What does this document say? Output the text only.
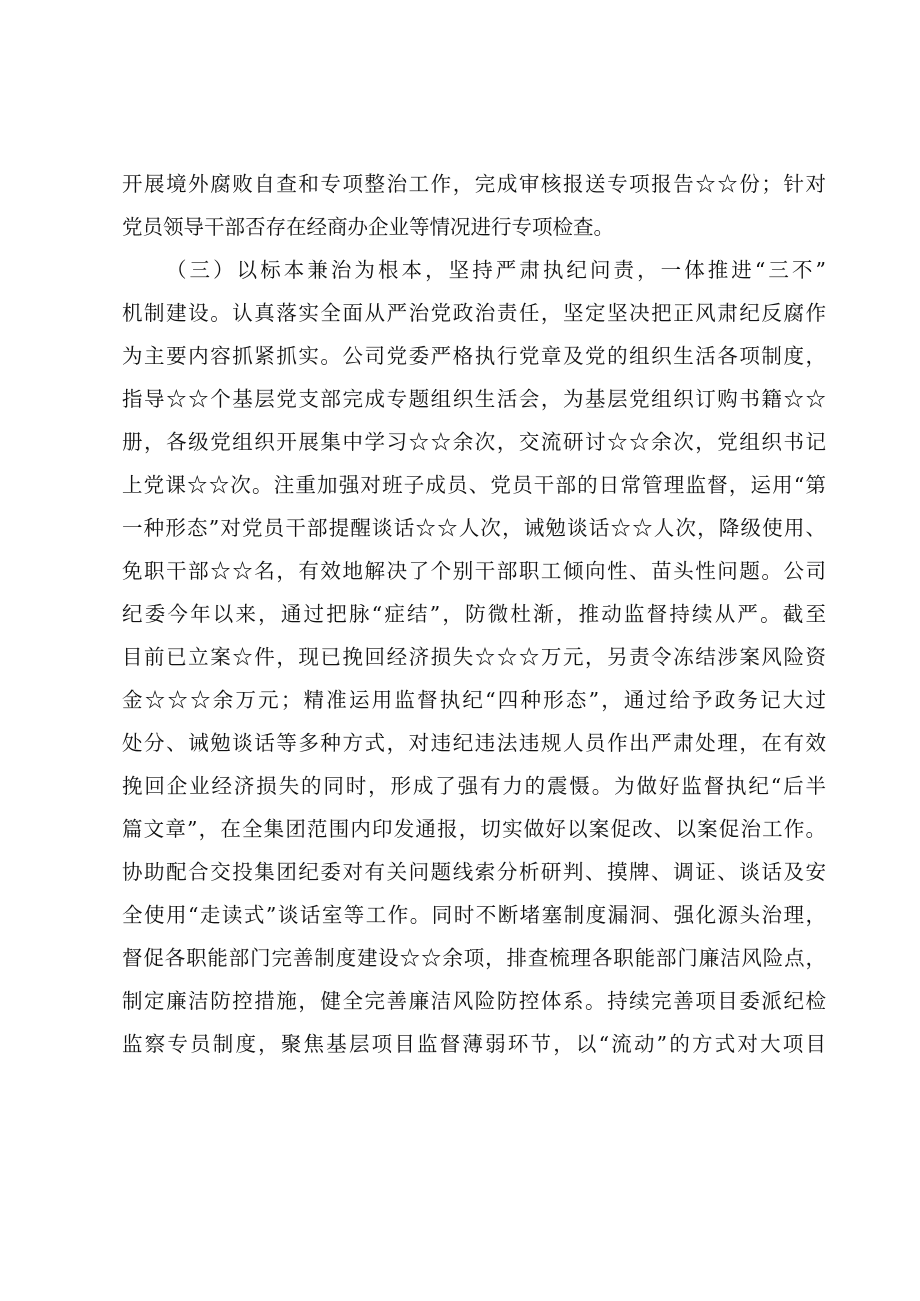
开展境外腐败自查和专项整治工作，完成审核报送专项报告☆☆份；针对
党员领导干部否存在经商办企业等情况进行专项检查。
（三）以标本兼治为根本，坚持严肃执纪问责，一体推进“三不”
机制建设。认真落实全面从严治党政治责任，坚定坚决把正风肃纪反腐作
为主要内容抓紧抓实。公司党委严格执行党章及党的组织生活各项制度，
指导☆☆个基层党支部完成专题组织生活会，为基层党组织订购书籍☆☆
册，各级党组织开展集中学习☆☆余次，交流研讨☆☆余次，党组织书记
上党课☆☆次。注重加强对班子成员、党员干部的日常管理监督，运用“第
一种形态”对党员干部提醒谈话☆☆人次，诫勉谈话☆☆人次，降级使用、
免职干部☆☆名，有效地解决了个别干部职工倾向性、苗头性问题。公司
纪委今年以来，通过把脉“症结”，防微杜渐，推动监督持续从严。截至
目前已立案☆件，现已挽回经济损失☆☆☆万元，另责令冻结涉案风险资
金☆☆☆余万元；精准运用监督执纪“四种形态”，通过给予政务记大过
处分、诫勉谈话等多种方式，对违纪违法违规人员作出严肃处理，在有效
挽回企业经济损失的同时，形成了强有力的震慑。为做好监督执纪“后半
篇文章”，在全集团范围内印发通报，切实做好以案促改、以案促治工作。
协助配合交投集团纪委对有关问题线索分析研判、摸牌、调证、谈话及安
全使用“走读式”谈话室等工作。同时不断堵塞制度漏洞、强化源头治理，
督促各职能部门完善制度建设☆☆余项，排查梳理各职能部门廉洁风险点，
制定廉洁防控措施，健全完善廉洁风险防控体系。持续完善项目委派纪检
监察专员制度，聚焦基层项目监督薄弱环节，以“流动”的方式对大项目
